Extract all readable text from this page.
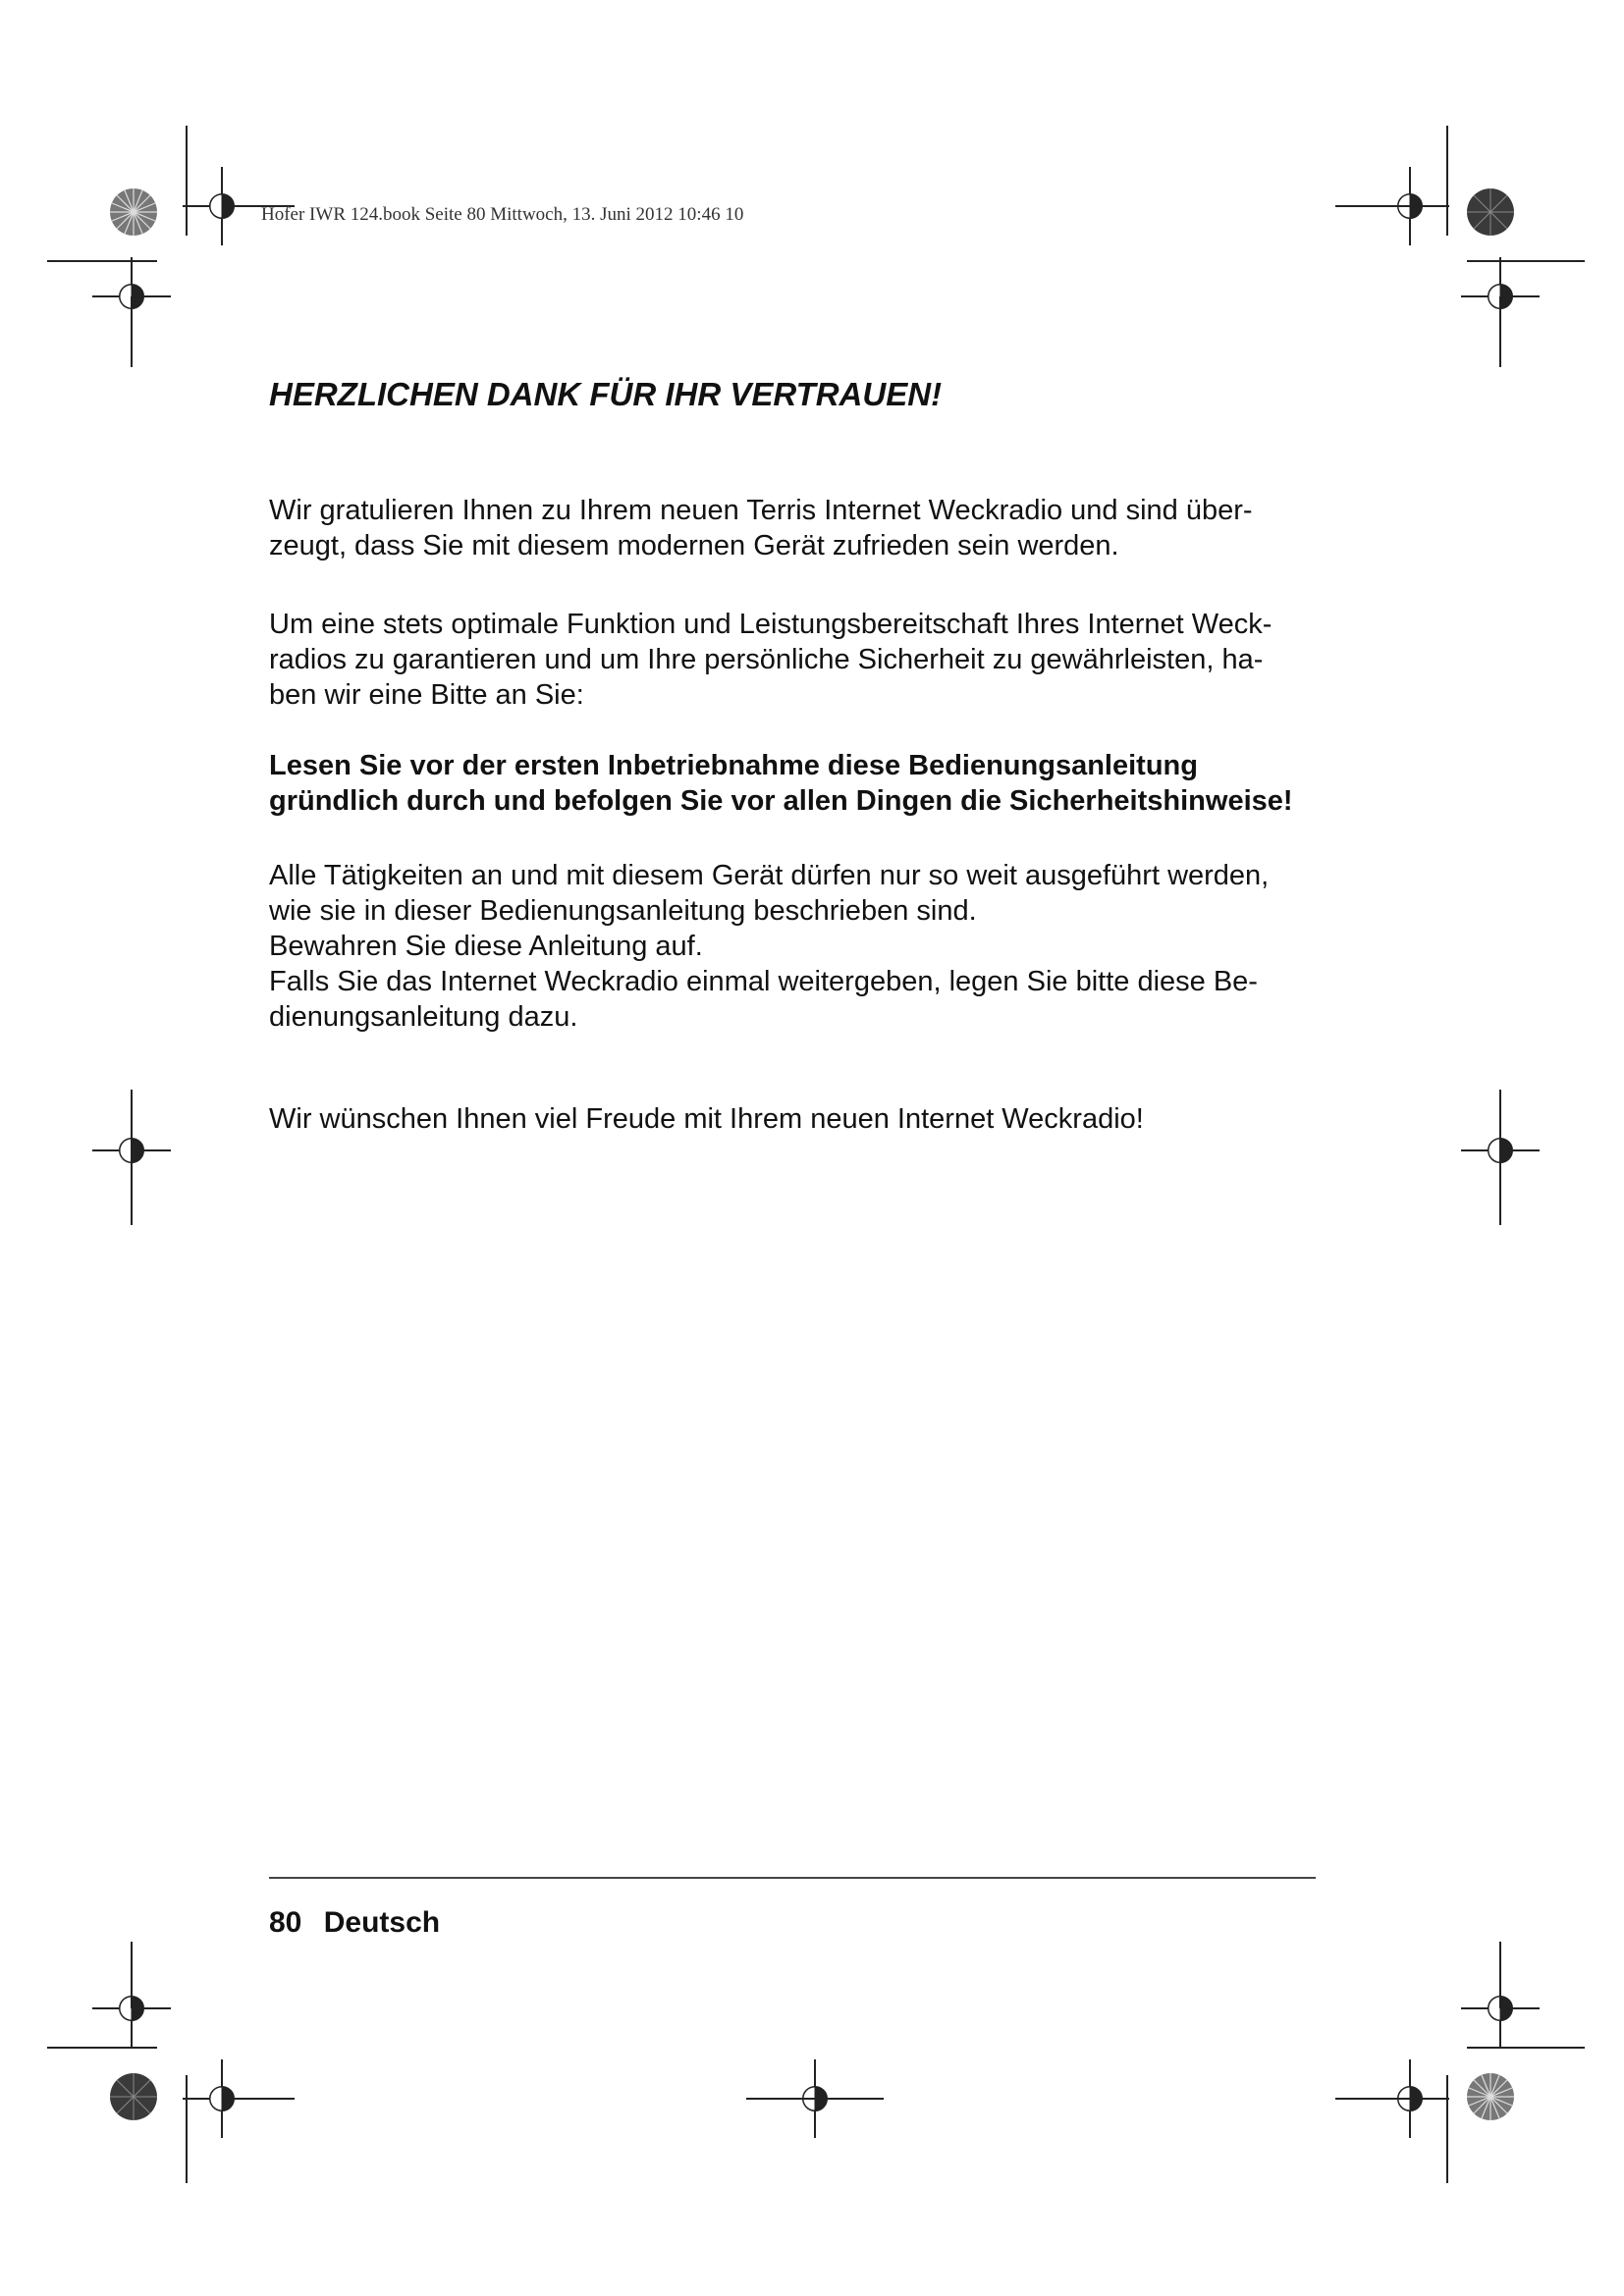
Hofer IWR 124.book Seite 80 Mittwoch, 13. Juni 2012 10:46 10
HERZLICHEN DANK FÜR IHR VERTRAUEN!

Wir gratulieren Ihnen zu Ihrem neuen Terris Internet Weckradio und sind über-
zeugt, dass Sie mit diesem modernen Gerät zufrieden sein werden.

Um eine stets optimale Funktion und Leistungsbereitschaft Ihres Internet Weck-
radios zu garantieren und um Ihre persönliche Sicherheit zu gewährleisten, ha-
ben wir eine Bitte an Sie:

Lesen Sie vor der ersten Inbetriebnahme diese Bedienungsanleitung
gründlich durch und befolgen Sie vor allen Dingen die Sicherheitshinweise!

Alle Tätigkeiten an und mit diesem Gerät dürfen nur so weit ausgeführt werden,
wie sie in dieser Bedienungsanleitung beschrieben sind.
Bewahren Sie diese Anleitung auf.
Falls Sie das Internet Weckradio einmal weitergeben, legen Sie bitte diese Be-
dienungsanleitung dazu.

Wir wünschen Ihnen viel Freude mit Ihrem neuen Internet Weckradio!

80 Deutsch
